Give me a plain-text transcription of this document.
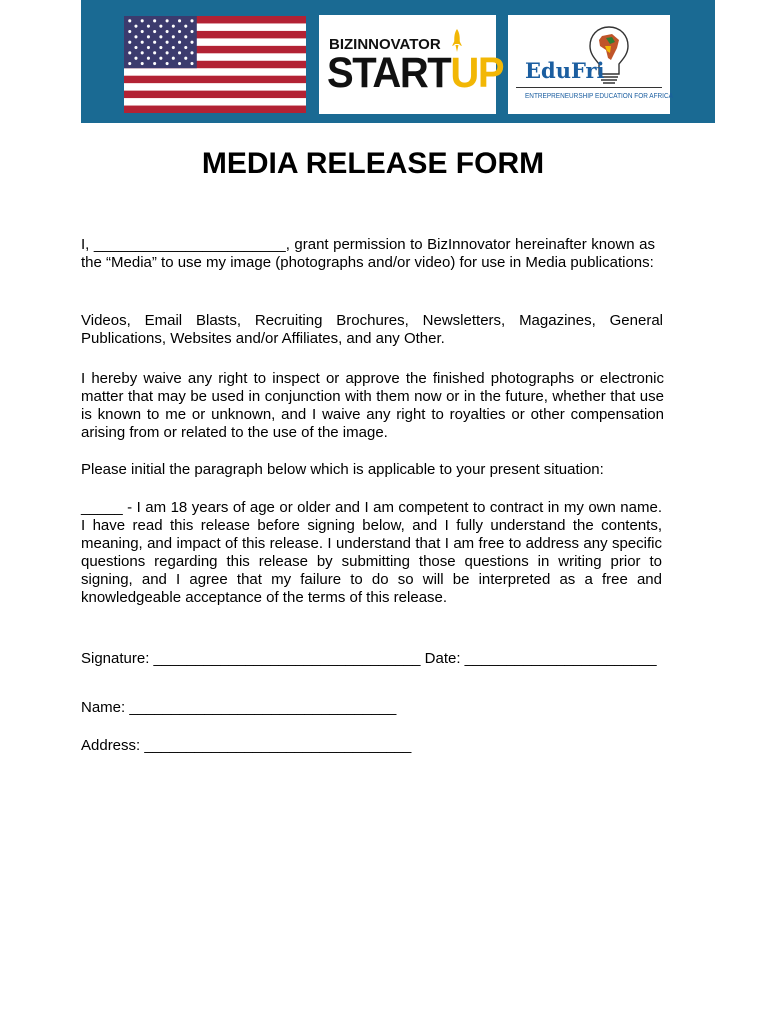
BIZINNOVATOR
STARTUP EduFri
ENTREPRENEURSHIP EDUCATION FOR AFRICA
MEDIA RELEASE FORM

I, _______________________, grant permission to BizInnovator hereinafter known as the “Media” to use my image (photographs and/or video) for use in Media publications:

Videos, Email Blasts, Recruiting Brochures, Newsletters, Magazines, General Publications, Websites and/or Affiliates, and any Other.

I hereby waive any right to inspect or approve the finished photographs or electronic matter that may be used in conjunction with them now or in the future, whether that use is known to me or unknown, and I waive any right to royalties or other compensation arising from or related to the use of the image.

Please initial the paragraph below which is applicable to your present situation:

_____ - I am 18 years of age or older and I am competent to contract in my own name. I have read this release before signing below, and I fully understand the contents, meaning, and impact of this release. I understand that I am free to address any specific questions regarding this release by submitting those questions in writing prior to signing, and I agree that my failure to do so will be interpreted as a free and knowledgeable acceptance of the terms of this release.

Signature: ________________________________ Date: _______________________

Name: ________________________________

Address: ________________________________
